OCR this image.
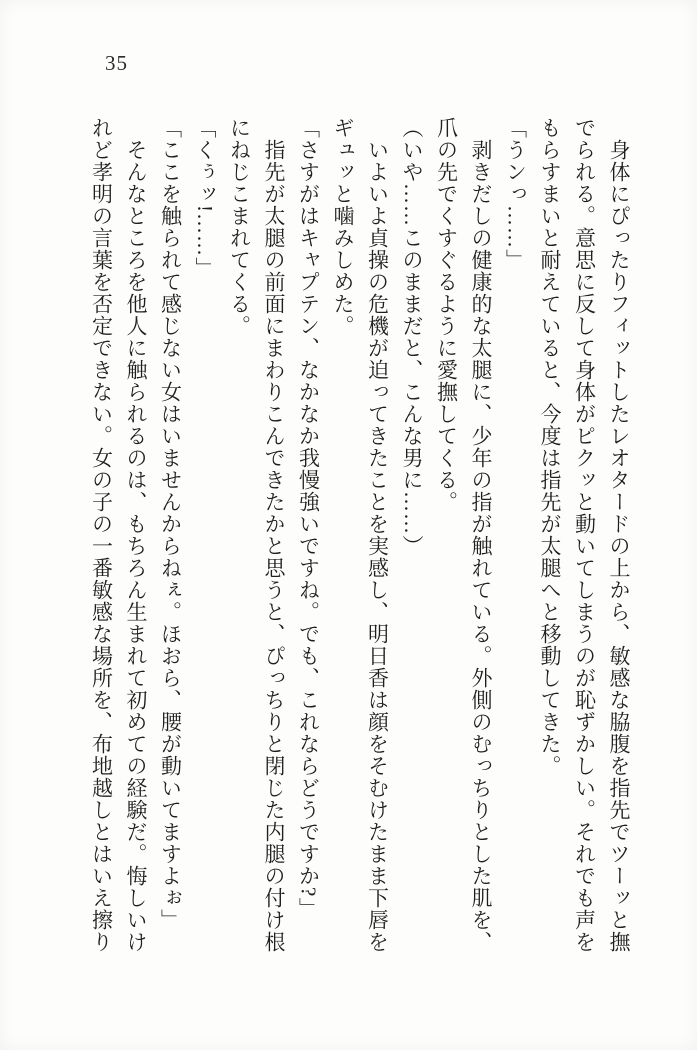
35

身体にぴったりフィットしたレオタードの上から、敏感な脇腹を指先でツーッと撫

でられる。意思に反して身体がピクッと動いてしまうのが恥ずかしい。それでも声を

もらすまいと耐えていると、今度は指先が太腿へと移動してきた。

「うンっ……」

剥きだしの健康的な太腿に、少年の指が触れている。外側のむっちりとした肌を、

爪の先でくすぐるように愛撫してくる。

（いや……このままだと、こんな男に……）

いよいよ貞操の危機が迫ってきたことを実感し、明日香は顔をそむけたまま下唇を

ギュッと噛みしめた。

「さすがはキャプテン、なかなか我慢強いですね。でも、これならどうですか?」

指先が太腿の前面にまわりこんできたかと思うと、ぴっちりと閉じた内腿の付け根

にねじこまれてくる。

「くぅッ!……」

「ここを触られて感じない女はいませんからねぇ。ほおら、腰が動いてますよぉ」

そんなところを他人に触られるのは、もちろん生まれて初めての経験だ。悔しいけ

れど孝明の言葉を否定できない。女の子の一番敏感な場所を、布地越しとはいえ擦り
